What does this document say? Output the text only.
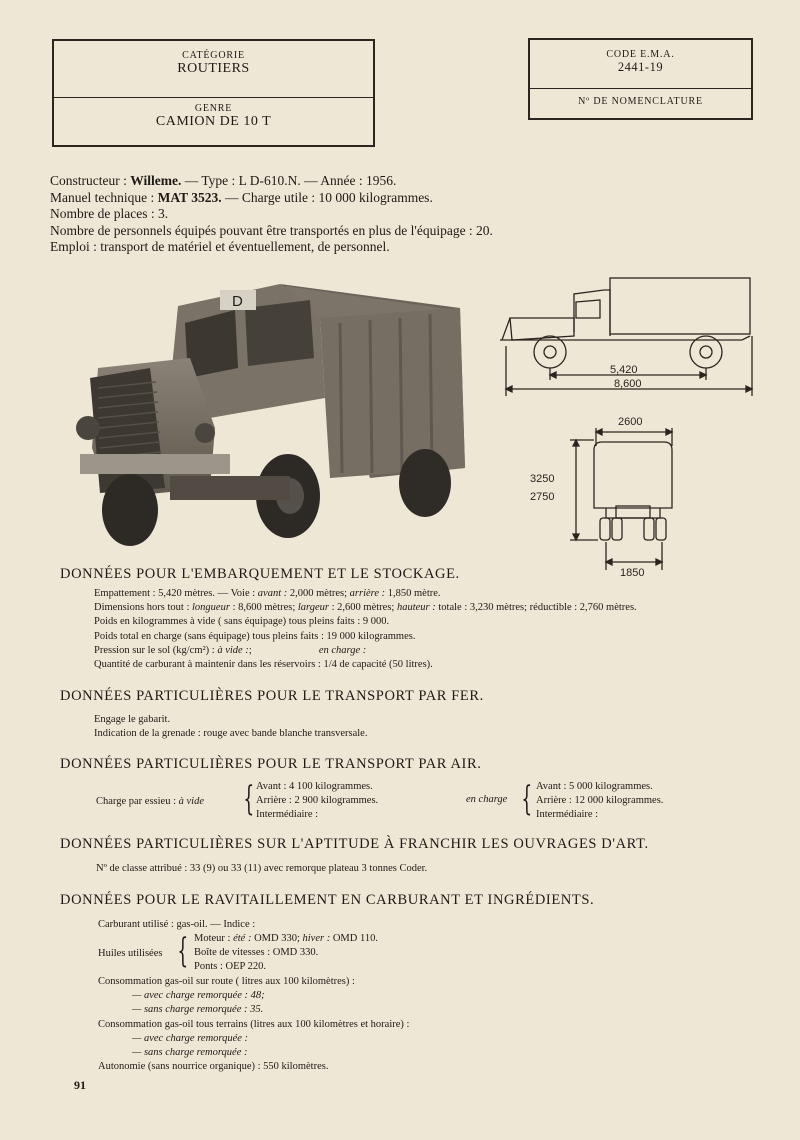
CATÉGORIE
ROUTIERS
GENRE
CAMION DE 10 T
CODE E.M.A.
2441-19
Nº DE NOMENCLATURE
Constructeur : Willeme. — Type : L D-610.N. — Année : 1956.
Manuel technique : MAT 3523. — Charge utile : 10 000 kilogrammes.
Nombre de places : 3.
Nombre de personnels équipés pouvant être transportés en plus de l'équipage : 20.
Emploi : transport de matériel et éventuellement, de personnel.
D
5,420
8,600
2600
3250
2750
1850
DONNÉES POUR L'EMBARQUEMENT ET LE STOCKAGE.
Empattement : 5,420 mètres. — Voie : avant : 2,000 mètres; arrière : 1,850 mètre.
Dimensions hors tout : longueur : 8,600 mètres; largeur : 2,600 mètres; hauteur : totale : 3,230 mètres; réductible : 2,760 mètres.
Poids en kilogrammes à vide ( sans équipage) tous pleins faits : 9 000.
Poids total en charge (sans équipage) tous pleins faits : 19 000 kilogrammes.
Pression sur le sol (kg/cm²) : à vide :;	en charge :
Quantité de carburant à maintenir dans les réservoirs : 1/4 de capacité (50 litres).
DONNÉES PARTICULIÈRES POUR LE TRANSPORT PAR FER.
Engage le gabarit.
Indication de la grenade : rouge avec bande blanche transversale.
DONNÉES PARTICULIÈRES POUR LE TRANSPORT PAR AIR.
Charge par essieu : à vide { Avant : 4 100 kilogrammes.
Arrière : 2 900 kilogrammes.
Intermédiaire :
en charge { Avant : 5 000 kilogrammes.
Arrière : 12 000 kilogrammes.
Intermédiaire :
DONNÉES PARTICULIÈRES SUR L'APTITUDE À FRANCHIR LES OUVRAGES D'ART.
Nº de classe attribué : 33 (9) ou 33 (11) avec remorque plateau 3 tonnes Coder.
DONNÉES POUR LE RAVITAILLEMENT EN CARBURANT ET INGRÉDIENTS.
Carburant utilisé : gas-oil. — Indice :
Huiles utilisées { Moteur : été : OMD 330; hiver : OMD 110.
Boîte de vitesses : OMD 330.
Ponts : OEP 220.
Consommation gas-oil sur route ( litres aux 100 kilomètres) :
— avec charge remorquée : 48;
— sans charge remorquée : 35.
Consommation gas-oil tous terrains (litres aux 100 kilomètres et horaire) :
— avec charge remorquée :
— sans charge remorquée :
Autonomie (sans nourrice organique) : 550 kilomètres.
91
